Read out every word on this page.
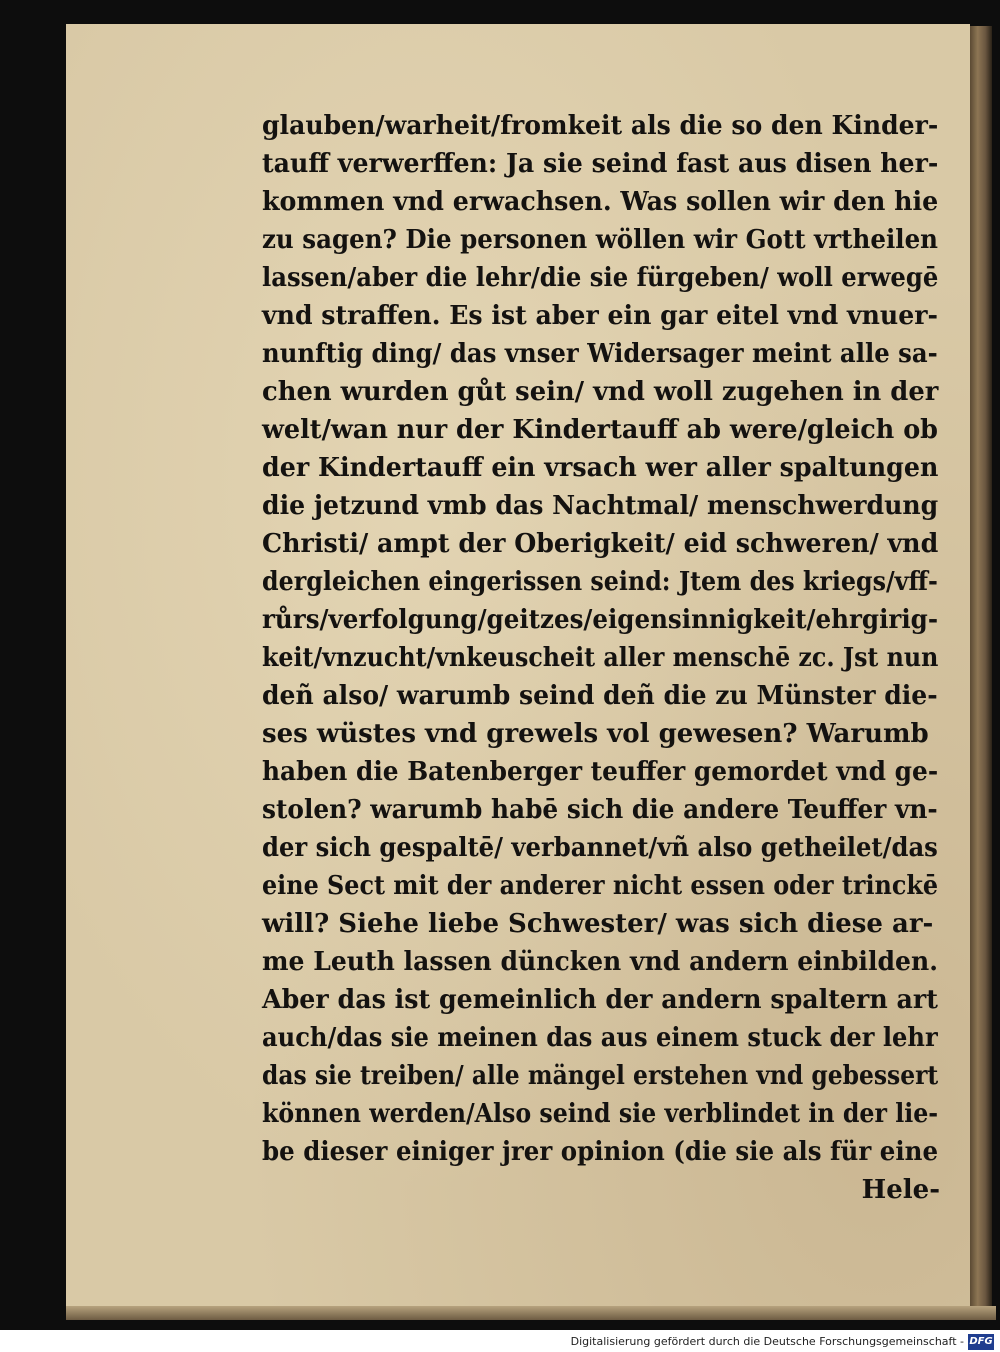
glauben/warheit/fromkeit als die so den Kinder-
tauff verwerffen: Ja sie seind fast aus disen her-
kommen vnd erwachsen. Was sollen wir den hie
zu sagen? Die personen wöllen wir Gott vrtheilen
lassen/aber die lehr/die sie fürgeben/ woll erwegē
vnd straffen. Es ist aber ein gar eitel vnd vnuer-
nunftig ding/ das vnser Widersager meint alle sa-
chen wurden gůt sein/ vnd woll zugehen in der
welt/wan nur der Kindertauff ab were/gleich ob
der Kindertauff ein vrsach wer aller spaltungen
die jetzund vmb das Nachtmal/ menschwerdung
Christi/ ampt der Oberigkeit/ eid schweren/ vnd
dergleichen eingerissen seind: Jtem des kriegs/vff-
růrs/verfolgung/geitzes/eigensinnigkeit/ehrgirig-
keit/vnzucht/vnkeuscheit aller menschē zc. Jst nun
deñ also/ warumb seind deñ die zu Münster die-
ses wüstes vnd grewels vol gewesen? Warumb
haben die Batenberger teuffer gemordet vnd ge-
stolen? warumb habē sich die andere Teuffer vn-
der sich gespaltē/ verbannet/vñ also getheilet/das
eine Sect mit der anderer nicht essen oder trinckē
will? Siehe liebe Schwester/ was sich diese ar-
me Leuth lassen düncken vnd andern einbilden.
Aber das ist gemeinlich der andern spaltern art
auch/das sie meinen das aus einem stuck der lehr
das sie treiben/ alle mängel erstehen vnd gebessert
können werden/Also seind sie verblindet in der lie-
be dieser einiger jrer opinion (die sie als für eine
Hele-
Digitalisierung gefördert durch die Deutsche Forschungsgemeinschaft - DFG
